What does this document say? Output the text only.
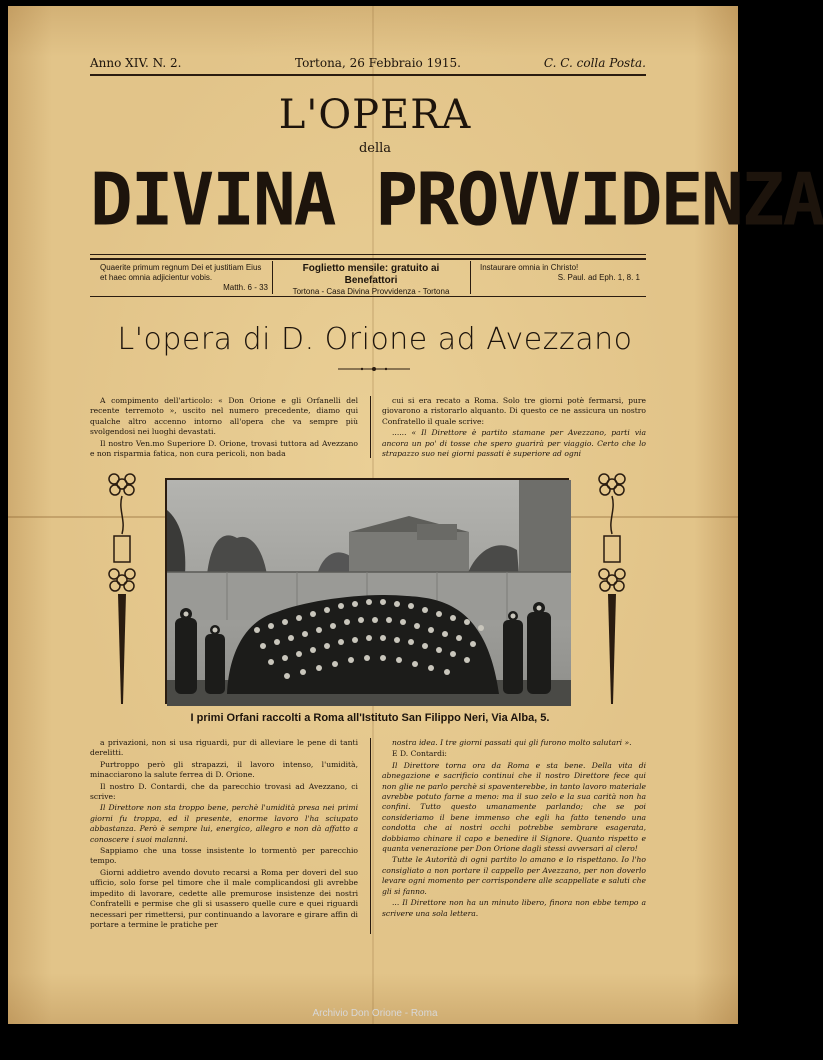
Anno XIV. N. 2.	Tortona, 26 Febbraio 1915.	C. C. colla Posta.
L'OPERA
della
DIVINA PROVVIDENZA
Quaerite primum regnum Dei et justitiam Eius
et haec omnia adjicientur vobis.
Matth. 6 - 33
Foglietto mensile: gratuito ai Benefattori
Tortona - Casa Divina Provvidenza - Tortona
Instaurare omnia in Christo!
S. Paul. ad Eph. 1, 8. 1
L'opera di D. Orione ad Avezzano

A compimento dell'articolo: « Don Orione e gli Orfanelli del recente terremoto », uscito nel numero precedente, diamo qui qualche altro accenno intorno all'opera che va sempre più svolgendosi nei luoghi devastati.

Il nostro Ven.mo Superiore D. Orione, trovasi tuttora ad Avezzano e non risparmia fatica, non cura pericoli, non bada

cui si era recato a Roma. Solo tre giorni potè fermarsi, pure giovarono a ristorarlo alquanto. Di questo ce ne assicura un nostro Confratello il quale scrive:

...... « Il Direttore è partito stamane per Avezzano, parti via ancora un po' di tosse che spero guarirà per viaggio. Certo che lo strapazzo suo nei giorni passati è superiore ad ogni

I primi Orfani raccolti a Roma all'Istituto San Filippo Neri, Via Alba, 5.

a privazioni, non si usa riguardi, pur di alleviare le pene di tanti derelitti.

Purtroppo però gli strapazzi, il lavoro intenso, l'umidità, minacciarono la salute ferrea di D. Orione.

Il nostro D. Contardi, che da parecchio trovasi ad Avezzano, ci scrive:

Il Direttore non sta troppo bene, perchè l'umidità presa nei primi giorni fu troppa, ed il presente, enorme lavoro l'ha sciupato abbastanza. Però è sempre lui, energico, allegro e non dà affatto a conoscere i suoi malanni.

Sappiamo che una tosse insistente lo tormentò per parecchio tempo.

Giorni addietro avendo dovuto recarsi a Roma per doveri del suo ufficio, solo forse pel timore che il male complicandosi gli avrebbe impedito di lavorare, cedette alle premurose insistenze dei nostri Confratelli e permise che gli si usassero quelle cure e quei riguardi necessari per rimettersi, pur continuando a lavorare e girare affin di portare a termine le pratiche per

nostra idea. I tre giorni passati qui gli furono molto salutari ».

E D. Contardi:

Il Direttore torna ora da Roma e sta bene. Della vita di abnegazione e sacrificio continui che il nostro Direttore fece qui non glie ne parlo perchè si spaventerebbe, in tanto lavoro materiale avrebbe potuto farne a meno: ma il suo zelo e la sua carità non ha confini. Tutto questo umanamente parlando; che se poi consideriamo il bene immenso che egli ha fatto tenendo una condotta che ai nostri occhi potrebbe sembrare esagerata, dobbiamo chinare il capo e benedire il Signore. Quanto rispetto e quanta venerazione per Don Orione dagli stessi avversari al clero!

Tutte le Autorità di ogni partito lo amano e lo rispettano. Io l'ho consigliato a non portare il cappello per Avezzano, per non doverlo levare ogni momento per corrispondere alle scappellate e saluti che gli si fanno.

... Il Direttore non ha un minuto libero, finora non ebbe tempo a scrivere una sola lettera.

Archivio Don Orione - Roma
